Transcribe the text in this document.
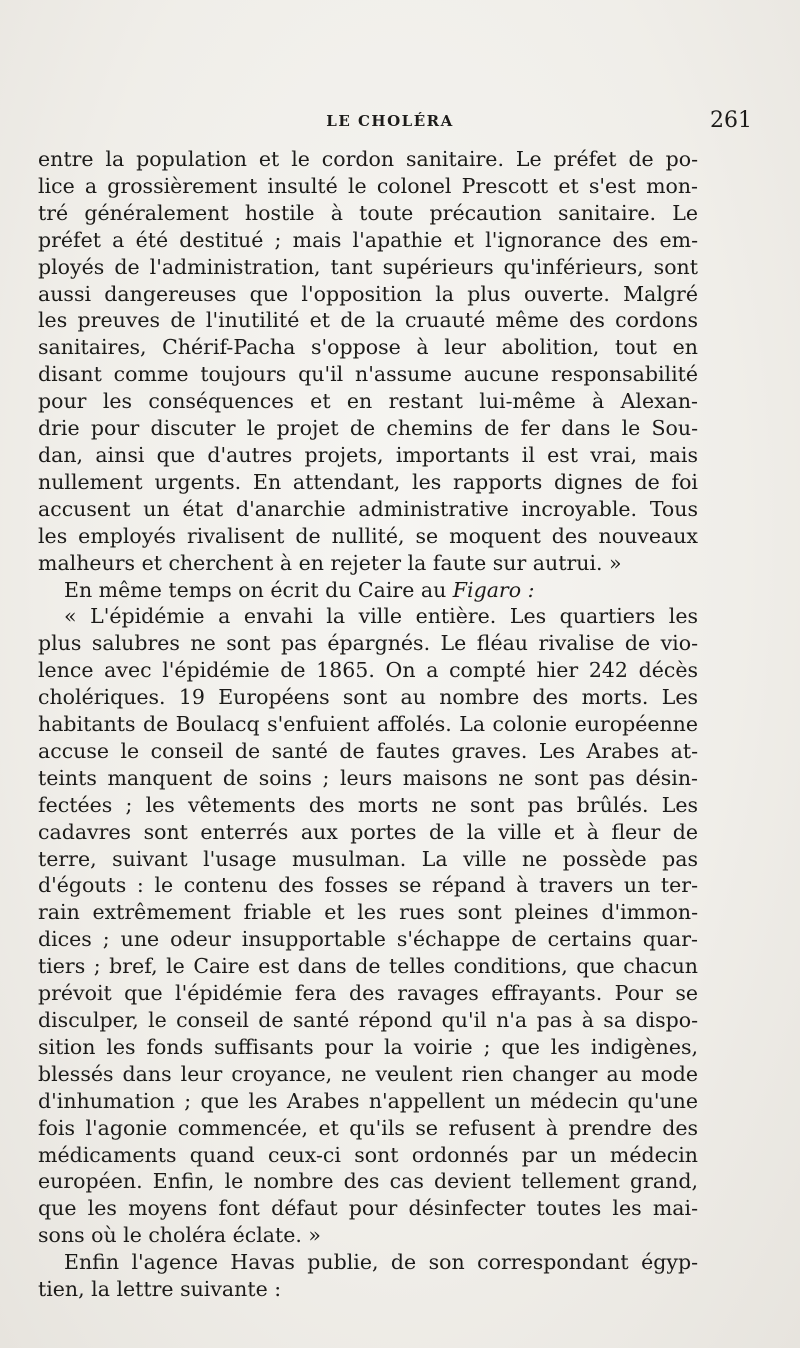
LE CHOLÉRA	261
entre la population et le cordon sanitaire. Le préfet de po-
lice a grossièrement insulté le colonel Prescott et s'est mon-
tré généralement hostile à toute précaution sanitaire. Le
préfet a été destitué ; mais l'apathie et l'ignorance des em-
ployés de l'administration, tant supérieurs qu'inférieurs, sont
aussi dangereuses que l'opposition la plus ouverte. Malgré
les preuves de l'inutilité et de la cruauté même des cordons
sanitaires, Chérif-Pacha s'oppose à leur abolition, tout en
disant comme toujours qu'il n'assume aucune responsabilité
pour les conséquences et en restant lui-même à Alexan-
drie pour discuter le projet de chemins de fer dans le Sou-
dan, ainsi que d'autres projets, importants il est vrai, mais
nullement urgents. En attendant, les rapports dignes de foi
accusent un état d'anarchie administrative incroyable. Tous
les employés rivalisent de nullité, se moquent des nouveaux
malheurs et cherchent à en rejeter la faute sur autrui. »
En même temps on écrit du Caire au Figaro :
« L'épidémie a envahi la ville entière. Les quartiers les
plus salubres ne sont pas épargnés. Le fléau rivalise de vio-
lence avec l'épidémie de 1865. On a compté hier 242 décès
cholériques. 19 Européens sont au nombre des morts. Les
habitants de Boulacq s'enfuient affolés. La colonie européenne
accuse le conseil de santé de fautes graves. Les Arabes at-
teints manquent de soins ; leurs maisons ne sont pas désin-
fectées ; les vêtements des morts ne sont pas brûlés. Les
cadavres sont enterrés aux portes de la ville et à fleur de
terre, suivant l'usage musulman. La ville ne possède pas
d'égouts : le contenu des fosses se répand à travers un ter-
rain extrêmement friable et les rues sont pleines d'immon-
dices ; une odeur insupportable s'échappe de certains quar-
tiers ; bref, le Caire est dans de telles conditions, que chacun
prévoit que l'épidémie fera des ravages effrayants. Pour se
disculper, le conseil de santé répond qu'il n'a pas à sa dispo-
sition les fonds suffisants pour la voirie ; que les indigènes,
blessés dans leur croyance, ne veulent rien changer au mode
d'inhumation ; que les Arabes n'appellent un médecin qu'une
fois l'agonie commencée, et qu'ils se refusent à prendre des
médicaments quand ceux-ci sont ordonnés par un médecin
européen. Enfin, le nombre des cas devient tellement grand,
que les moyens font défaut pour désinfecter toutes les mai-
sons où le choléra éclate. »
Enfin l'agence Havas publie, de son correspondant égyp-
tien, la lettre suivante :
